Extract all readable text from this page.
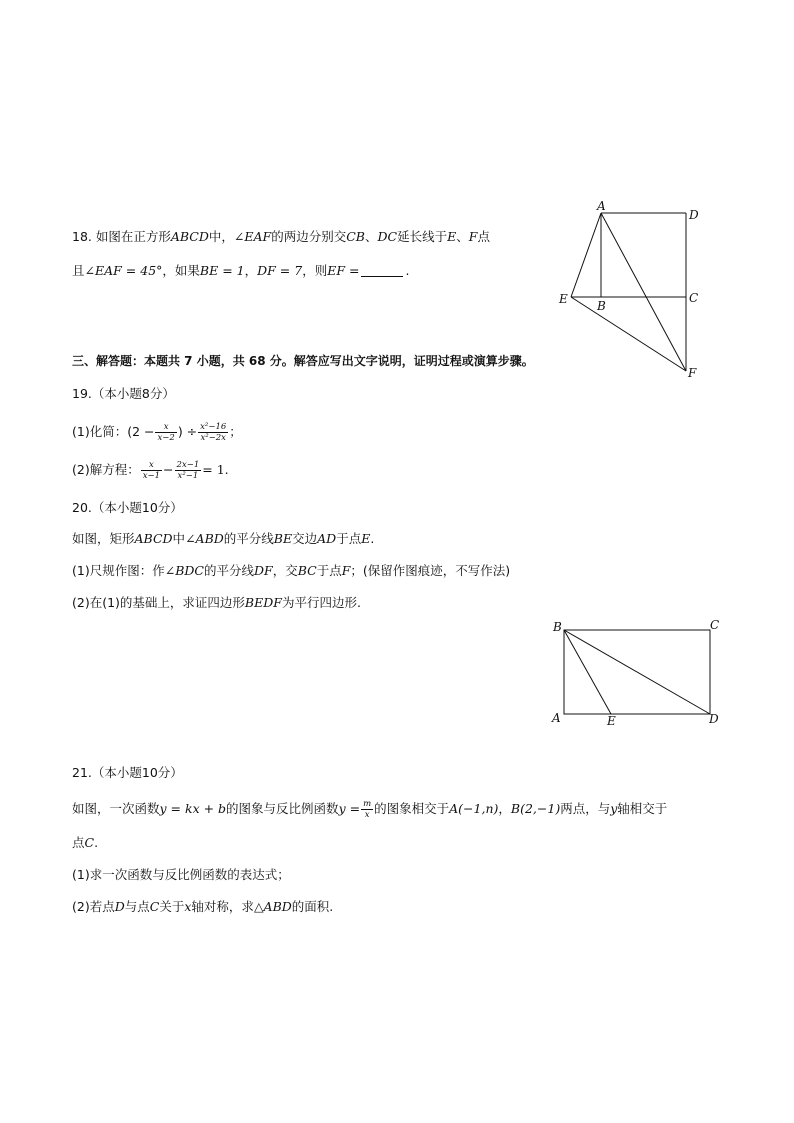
18. 如图在正方形ABCD中，∠EAF的两边分别交CB、DC延长线于E、F点
且∠EAF = 45°，如果BE = 1，DF = 7，则EF =	.
A
D
E B
C
F
三、解答题：本题共 7 小题，共 68 分。解答应写出文字说明，证明过程或演算步骤。
19.（本小题8分）
(1)化简：($2 - \frac{x}{x-2}$ ) ÷ $\frac{\text{x²−16}}{\text{x²−2x}}$ ；
(2)解方程： $\frac{x}{x-1} - \frac{2x-1}{\text{x²−1}} = 1$.
20.（本小题10分）
如图，矩形ABCD中∠ABD的平分线BE交边AD于点E.
(1)尺规作图：作∠BDC的平分线DF，交BC于点F；(保留作图痕迹，不写作法)
(2)在(1)的基础上，求证四边形BEDF为平行四边形.
B	C
A	E	D
21.（本小题10分）
如图，一次函数y = kx + b的图象与反比例函数$y = \frac{m}{x}$ 的图象相交于A(−1,n)，B(2,−1)两点，与y轴相交于
点C.
(1)求一次函数与反比例函数的表达式；
(2)若点D与点C关于x轴对称，求△ABD的面积.
